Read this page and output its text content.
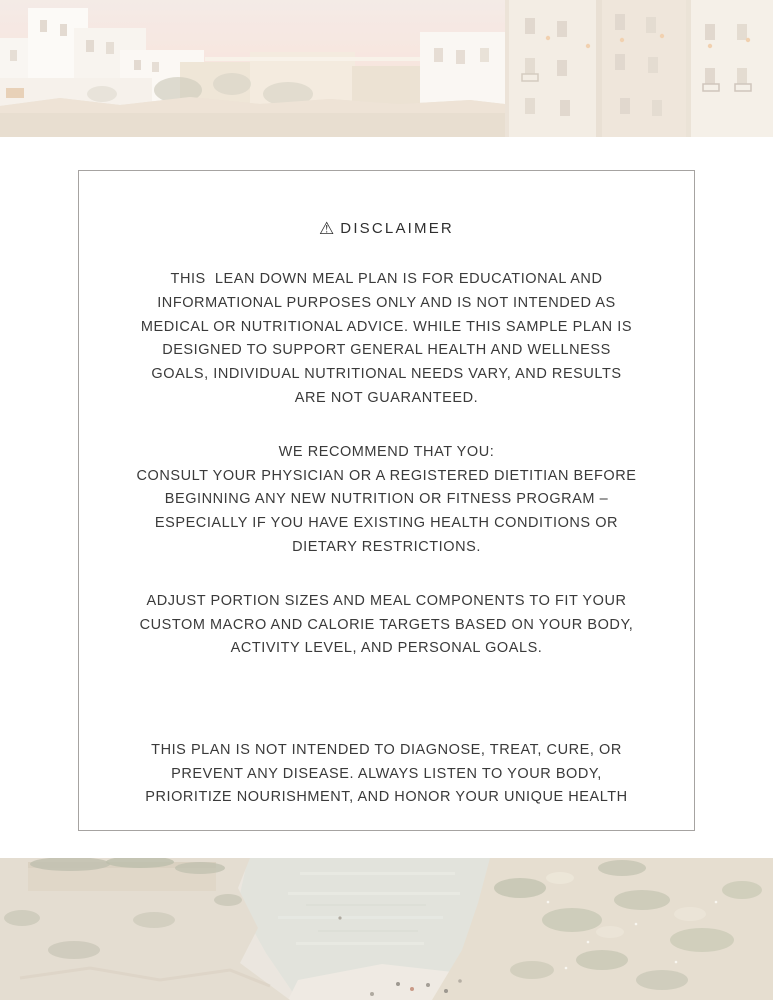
⚠ DISCLAIMER

THIS  LEAN DOWN MEAL PLAN IS FOR EDUCATIONAL AND
INFORMATIONAL PURPOSES ONLY AND IS NOT INTENDED AS
MEDICAL OR NUTRITIONAL ADVICE. WHILE THIS SAMPLE PLAN IS
DESIGNED TO SUPPORT GENERAL HEALTH AND WELLNESS
GOALS, INDIVIDUAL NUTRITIONAL NEEDS VARY, AND RESULTS
ARE NOT GUARANTEED.

WE RECOMMEND THAT YOU:
CONSULT YOUR PHYSICIAN OR A REGISTERED DIETITIAN BEFORE
BEGINNING ANY NEW NUTRITION OR FITNESS PROGRAM –
ESPECIALLY IF YOU HAVE EXISTING HEALTH CONDITIONS OR
DIETARY RESTRICTIONS.

ADJUST PORTION SIZES AND MEAL COMPONENTS TO FIT YOUR
CUSTOM MACRO AND CALORIE TARGETS BASED ON YOUR BODY,
ACTIVITY LEVEL, AND PERSONAL GOALS.

THIS PLAN IS NOT INTENDED TO DIAGNOSE, TREAT, CURE, OR
PREVENT ANY DISEASE. ALWAYS LISTEN TO YOUR BODY,
PRIORITIZE NOURISHMENT, AND HONOR YOUR UNIQUE HEALTH
